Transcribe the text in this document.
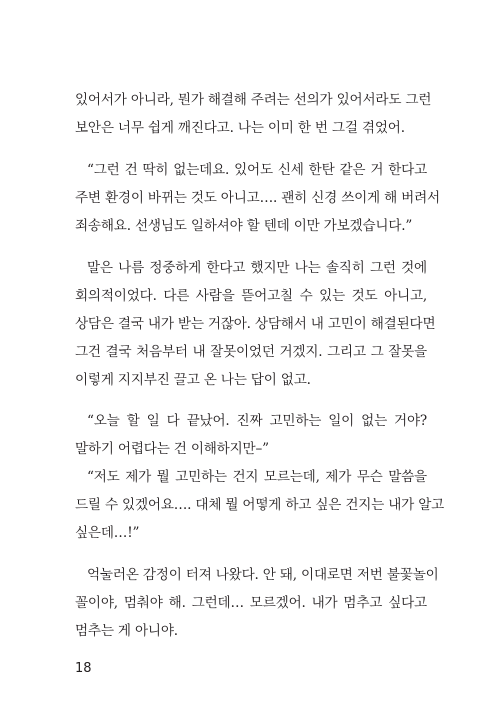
있어서가 아니라, 뭔가 해결해 주려는 선의가 있어서라도 그런
보안은 너무 쉽게 깨진다고. 나는 이미 한 번 그걸 겪었어.
“그런 건 딱히 없는데요. 있어도 신세 한탄 같은 거 한다고
주변 환경이 바뀌는 것도 아니고…. 괜히 신경 쓰이게 해 버려서
죄송해요. 선생님도 일하셔야 할 텐데 이만 가보겠습니다.”
말은 나름 정중하게 한다고 했지만 나는 솔직히 그런 것에
회의적이었다. 다른 사람을 뜯어고칠 수 있는 것도 아니고,
상담은 결국 내가 받는 거잖아. 상담해서 내 고민이 해결된다면
그건 결국 처음부터 내 잘못이었던 거겠지. 그리고 그 잘못을
이렇게 지지부진 끌고 온 나는 답이 없고.
“오늘 할 일 다 끝났어. 진짜 고민하는 일이 없는 거야?
말하기 어렵다는 건 이해하지만–”
“저도 제가 뭘 고민하는 건지 모르는데, 제가 무슨 말씀을
드릴 수 있겠어요…. 대체 뭘 어떻게 하고 싶은 건지는 내가 알고
싶은데…!”
억눌러온 감정이 터져 나왔다. 안 돼, 이대로면 저번 불꽃놀이
꼴이야, 멈춰야 해. 그런데… 모르겠어. 내가 멈추고 싶다고
멈추는 게 아니야.
18
